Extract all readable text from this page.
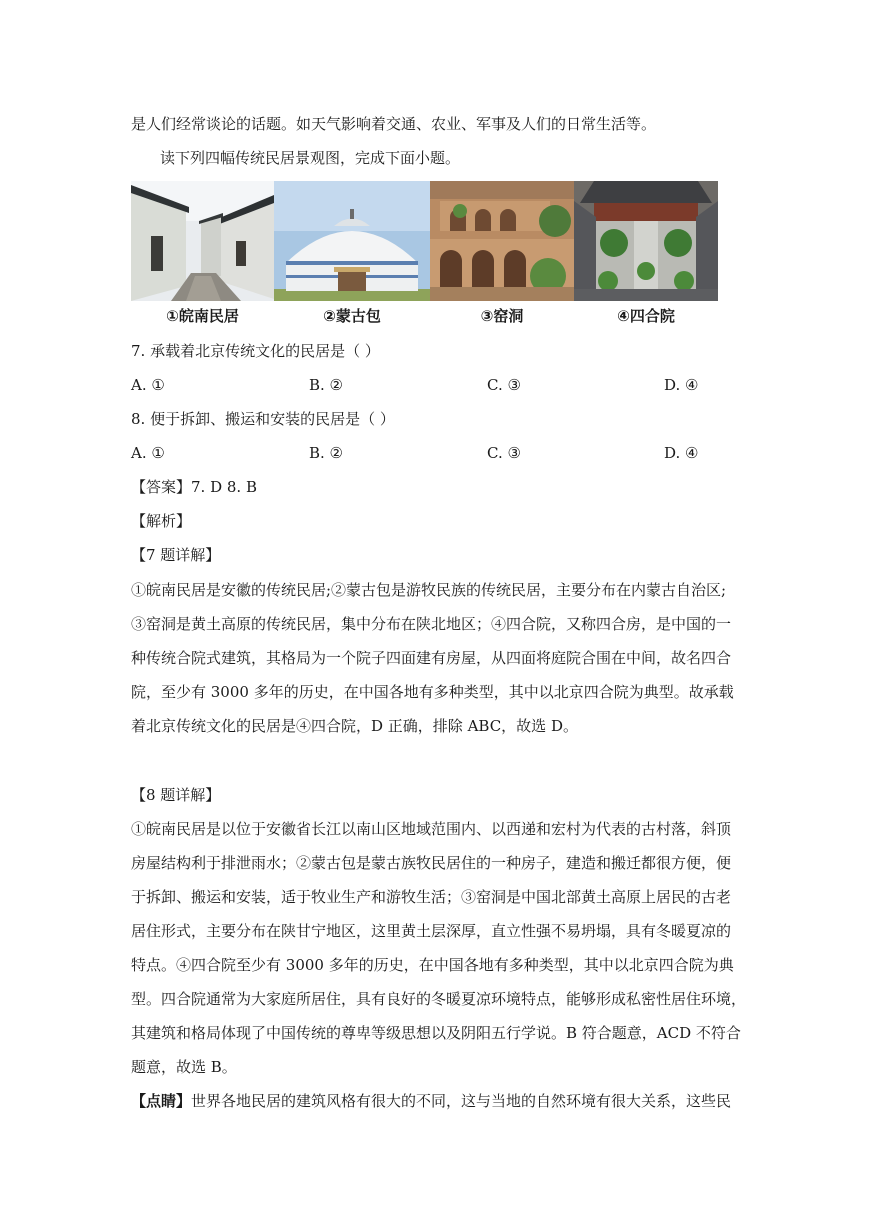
是人们经常谈论的话题。如天气影响着交通、农业、军事及人们的日常生活等。
读下列四幅传统民居景观图，完成下面小题。
①皖南民居	②蒙古包	③窑洞	④四合院
7. 承载着北京传统文化的民居是（ ）
A. ①	B. ②	C. ③	D. ④
8. 便于拆卸、搬运和安装的民居是（ ）
A. ①	B. ②	C. ③	D. ④
【答案】7. D 8. B
【解析】
【7 题详解】
①皖南民居是安徽的传统民居;②蒙古包是游牧民族的传统民居，主要分布在内蒙古自治区;
③窑洞是黄土高原的传统民居，集中分布在陕北地区；④四合院，又称四合房，是中国的一
种传统合院式建筑，其格局为一个院子四面建有房屋，从四面将庭院合围在中间，故名四合
院，至少有 3000 多年的历史，在中国各地有多种类型，其中以北京四合院为典型。故承载
着北京传统文化的民居是④四合院，D 正确，排除 ABC，故选 D。
【8 题详解】
①皖南民居是以位于安徽省长江以南山区地域范围内、以西递和宏村为代表的古村落，斜顶
房屋结构利于排泄雨水；②蒙古包是蒙古族牧民居住的一种房子，建造和搬迁都很方便，便
于拆卸、搬运和安装，适于牧业生产和游牧生活；③窑洞是中国北部黄土高原上居民的古老
居住形式，主要分布在陕甘宁地区，这里黄土层深厚，直立性强不易坍塌，具有冬暖夏凉的
特点。④四合院至少有 3000 多年的历史，在中国各地有多种类型，其中以北京四合院为典
型。四合院通常为大家庭所居住，具有良好的冬暖夏凉环境特点，能够形成私密性居住环境，
其建筑和格局体现了中国传统的尊卑等级思想以及阴阳五行学说。B 符合题意，ACD 不符合
题意，故选 B。
【点睛】世界各地民居的建筑风格有很大的不同，这与当地的自然环境有很大关系，这些民
